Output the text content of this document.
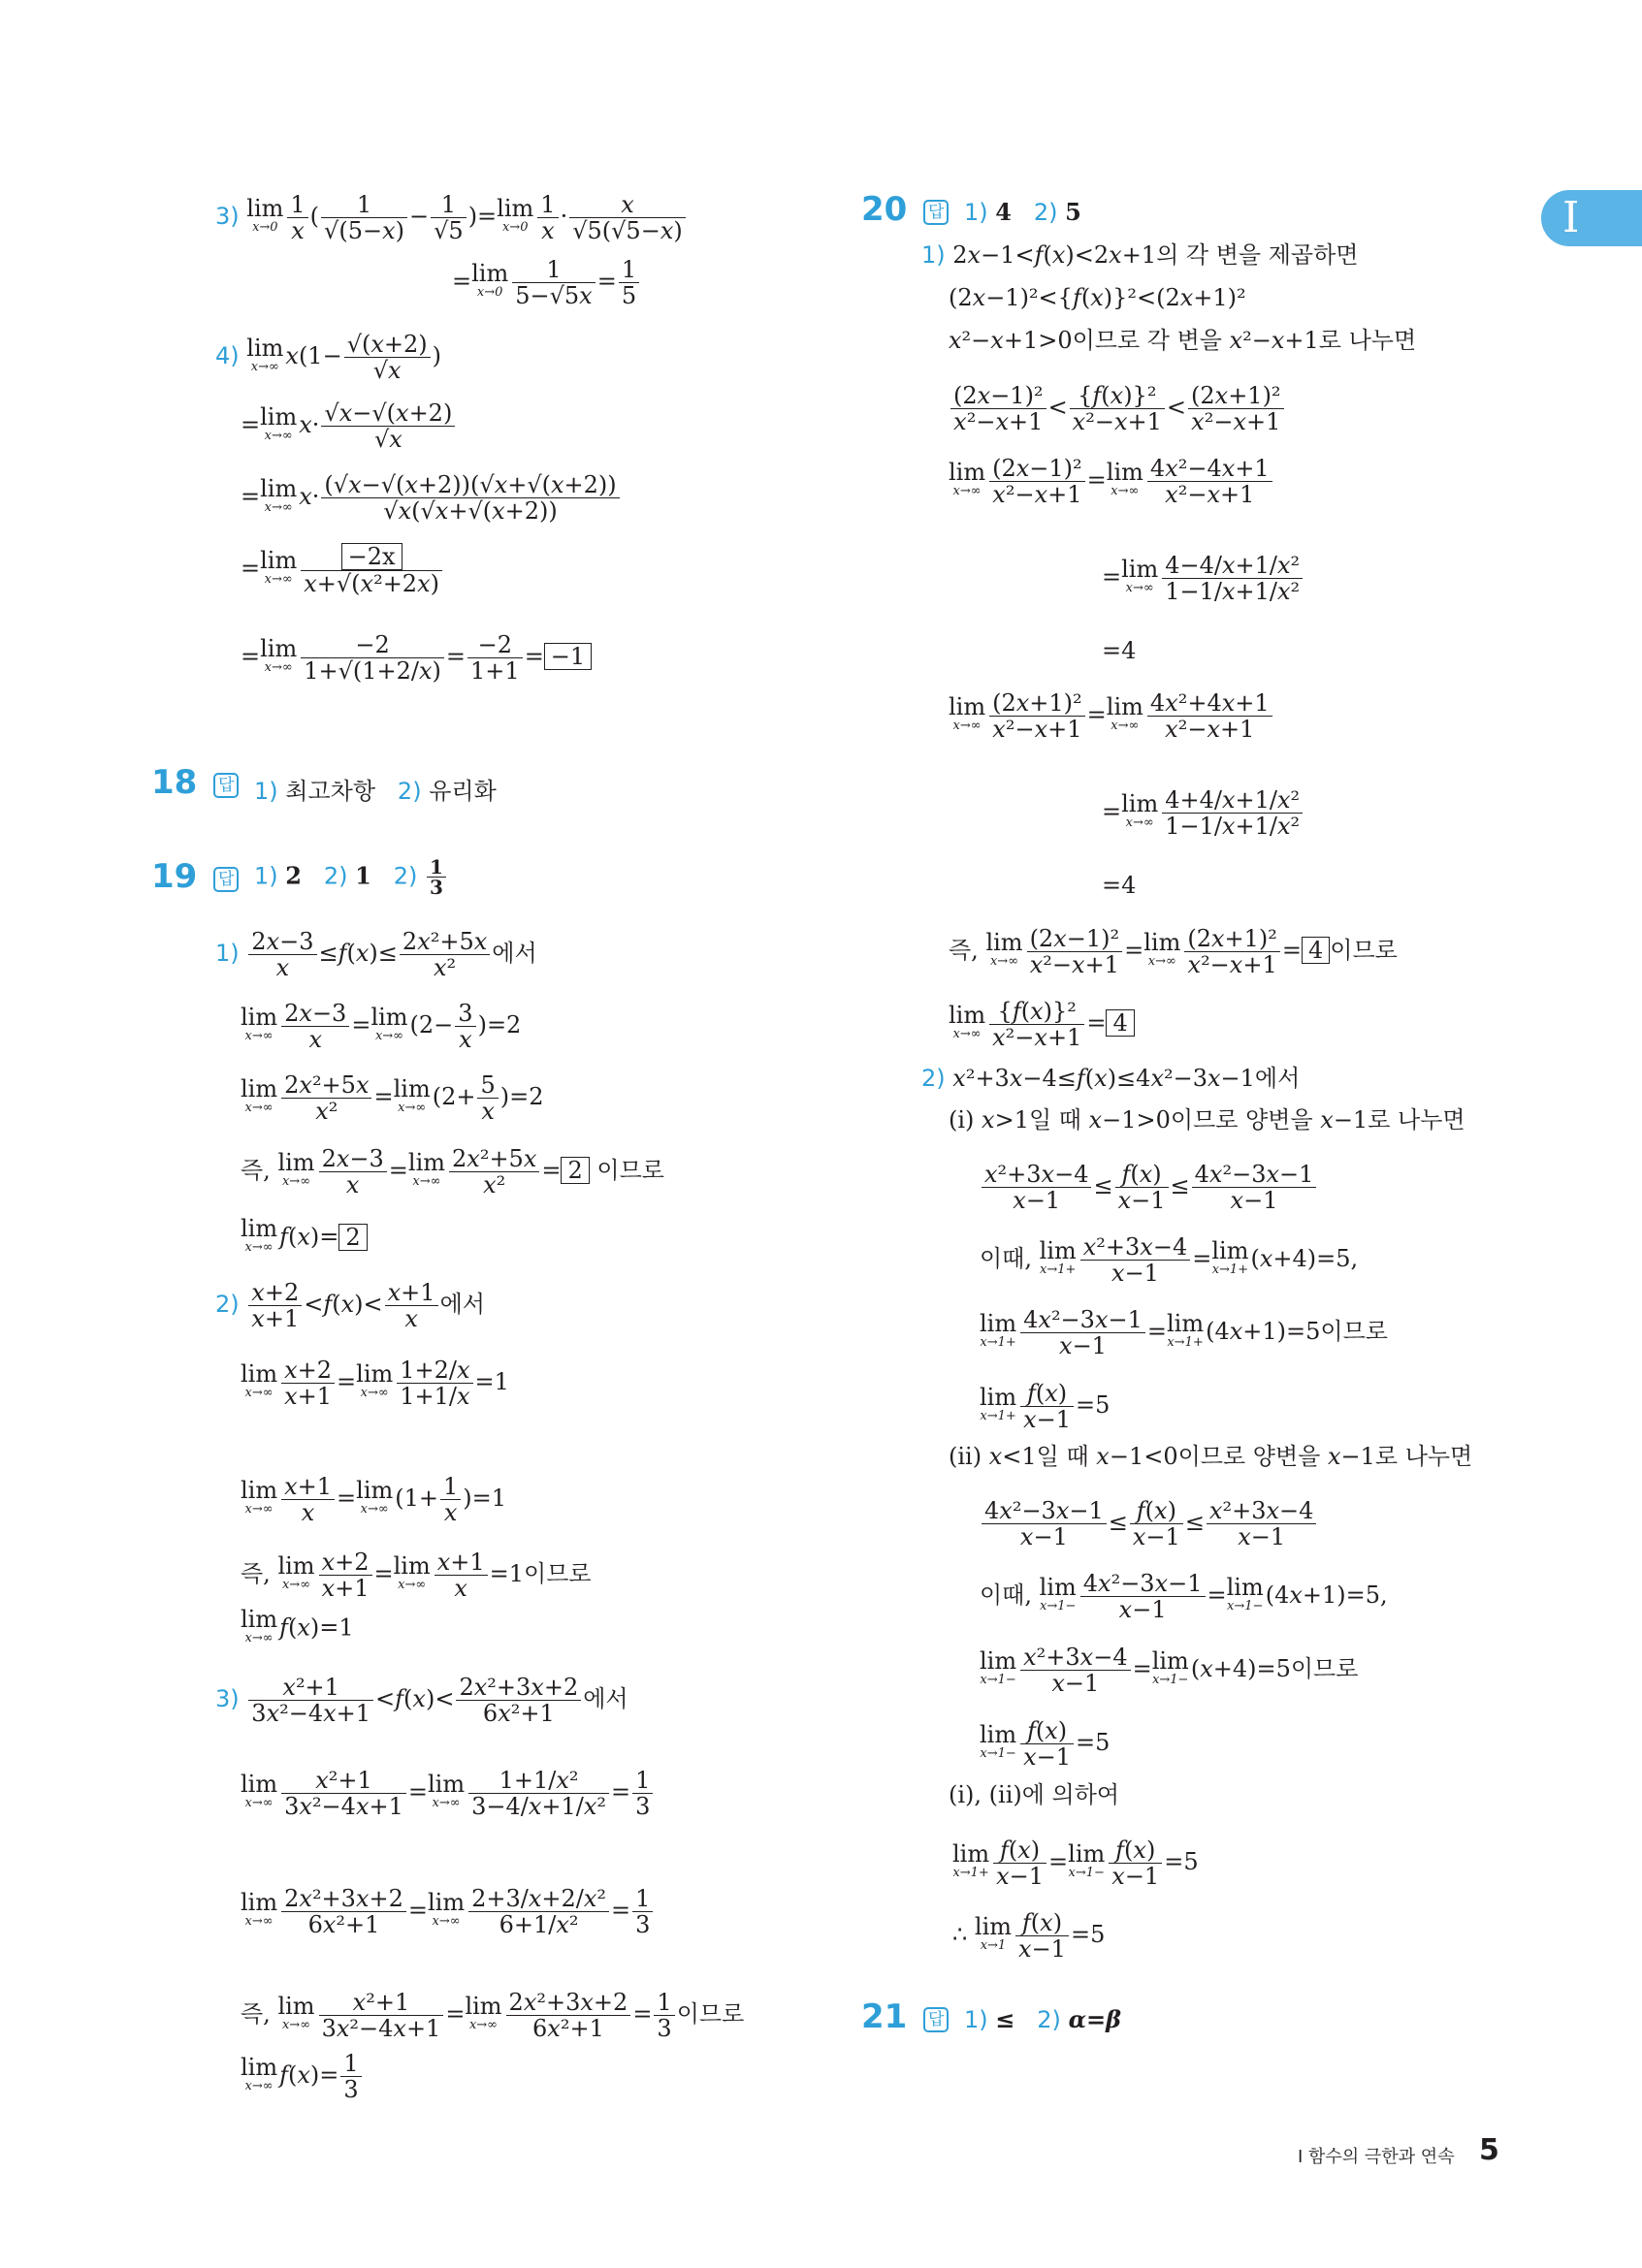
I
3) lim
$x\to 0 \frac{1}{x}$ ( $\frac{1}{√(5-x)} - \frac{1}{√5}$ )= lim
$x\to 0 \frac{1}{x} \cdot \frac{x}{√5(√5-x)}$
= lim
$x\to 0 \frac{1}{5-√5x} = \frac{1}{5}$
4) lim
x→∞ $x(1- \frac{√(x+2)}{√x}$ )
= lim
x→∞ $x\cdot \frac{√x-√(x+2)}{√x}$
= lim
x→∞ $x\cdot \frac{(√x-√(x+2))(√x+√(x+2))}{√x(√x+√(x+2))}$
= lim
$x\to\infty \frac{-2x}{\text{x+√(x²+2x)}}$
= lim
$x\to\infty \frac{-2}{1+√(1+2/x)} = \frac{-2}{1+1} = -1$
18 답 1) 최고차항 2) 유리화
19 답 1) 2 2) 1 $2) \frac{1}{3}$
$1) \frac{2x-3}{x} \le f(x)\le \frac{\text{2x²+5x}}{\text{x²}}$ 에서
lim
$x\to\infty \frac{2x-3}{x} = \lim$
x→∞ $(2- \frac{3}{x} )=2$
lim
$x\to\infty \frac{\text{2x²+5x}}{\text{x²}} = \lim$
x→∞ $(2+ \frac{5}{x} )=2$
즉, lim
$x\to\infty \frac{2x-3}{x} = \lim$
$x\to\infty \frac{\text{2x²+5x}}{\text{x²}} = 2$ 이므로
lim
x→∞ f(x)= 2
$2) \frac{x+2}{x+1} <f(x)< \frac{x+1}{x}$ 에서
lim
$x\to\infty \frac{x+2}{x+1} = \lim$
$x\to\infty \frac{1+2/x}{1+1/x} =1$
lim
$x\to\infty \frac{x+1}{x} = \lim$
x→∞ $(1+ \frac{1}{x} )=1$
즉, lim
$x\to\infty \frac{x+2}{x+1} = \lim$
$x\to\infty \frac{x+1}{x} =1$이므로
lim
x→∞ f(x)=1
$3) \frac{\text{x²+1}}{\text{3x²−4x+1}} <f(x)< \frac{\text{2x²+3x+2}}{\text{6x²+1}}$ 에서
lim
$x\to\infty \frac{\text{x²+1}}{\text{3x²−4x+1}} = \lim$
$x\to\infty \frac{\text{1+1/x²}}{\text{3−4/x+1/x²}} = \frac{1}{3}$
lim
$x\to\infty \frac{\text{2x²+3x+2}}{\text{6x²+1}} = \lim$
$x\to\infty \frac{\text{2+3/x+2/x²}}{\text{6+1/x²}} = \frac{1}{3}$
즉, lim
$x\to\infty \frac{\text{x²+1}}{\text{3x²−4x+1}} = \lim$
$x\to\infty \frac{\text{2x²+3x+2}}{\text{6x²+1}} = \frac{1}{3}$ 이므로
lim
x→∞ $f(x)= \frac{1}{3}$
20 답 1) 4 2) 5
1) 2x−1<f(x)<2x+1의 각 변을 제곱하면
(2x−1)²<{f(x)}²<(2x+1)²
x²−x+1>0이므로 각 변을 x²−x+1로 나누면
$\frac{\text{(2x−1)²}}{\text{x²−x+1}} < \frac{\text{\{f(x)\}²}}{\text{x²−x+1}} < \frac{\text{(2x+1)²}}{\text{x²−x+1}}$
lim
$x\to\infty \frac{\text{(2x−1)²}}{\text{x²−x+1}} = \lim$
$x\to\infty \frac{\text{4x²−4x+1}}{\text{x²−x+1}}$
= lim
$x\to\infty \frac{\text{4−4/x+1/x²}}{\text{1−1/x+1/x²}}$
=4
lim
$x\to\infty \frac{\text{(2x+1)²}}{\text{x²−x+1}} = \lim$
$x\to\infty \frac{\text{4x²+4x+1}}{\text{x²−x+1}}$
= lim
$x\to\infty \frac{\text{4+4/x+1/x²}}{\text{1−1/x+1/x²}}$
=4
즉, lim
$x\to\infty \frac{\text{(2x−1)²}}{\text{x²−x+1}} = \lim$
$x\to\infty \frac{\text{(2x+1)²}}{\text{x²−x+1}} = 4$ 이므로
lim
$x\to\infty \frac{\text{\{f(x)\}²}}{\text{x²−x+1}} = 4$
2) x²+3x−4≤f(x)≤4x²−3x−1에서
(i) x>1일 때 x−1>0이므로 양변을 x−1로 나누면
$\frac{\text{x²+3x−4}}{x-1} \le \frac{f(x)}{x-1} \le \frac{\text{4x²−3x−1}}{x-1}$
이때, lim
$x\to 1+ \frac{\text{x²+3x−4}}{x-1} = \lim$
x→1+ (x+4)=5,
lim
$x\to 1+ \frac{\text{4x²−3x−1}}{x-1} = \lim$
x→1+ (4x+1)=5이므로
lim
$x\to 1+ \frac{f(x)}{x-1} =5$
(ii) x<1일 때 x−1<0이므로 양변을 x−1로 나누면
$\frac{\text{4x²−3x−1}}{x-1} \le \frac{f(x)}{x-1} \le \frac{\text{x²+3x−4}}{x-1}$
이때, lim
$x\to 1- \frac{\text{4x²−3x−1}}{x-1} = \lim$
x→1− (4x+1)=5,
lim
$x\to 1- \frac{\text{x²+3x−4}}{x-1} = \lim$
x→1− (x+4)=5이므로
lim
$x\to 1- \frac{f(x)}{x-1} =5$
(i), (ii)에 의하여
lim
$x\to 1+ \frac{f(x)}{x-1} = \lim$
$x\to 1- \frac{f(x)}{x-1} =5$
∴ lim
$x\to 1 \frac{f(x)}{x-1} =5$
21 답 1) ≤ 2) α=β
I 함수의 극한과 연속 5
